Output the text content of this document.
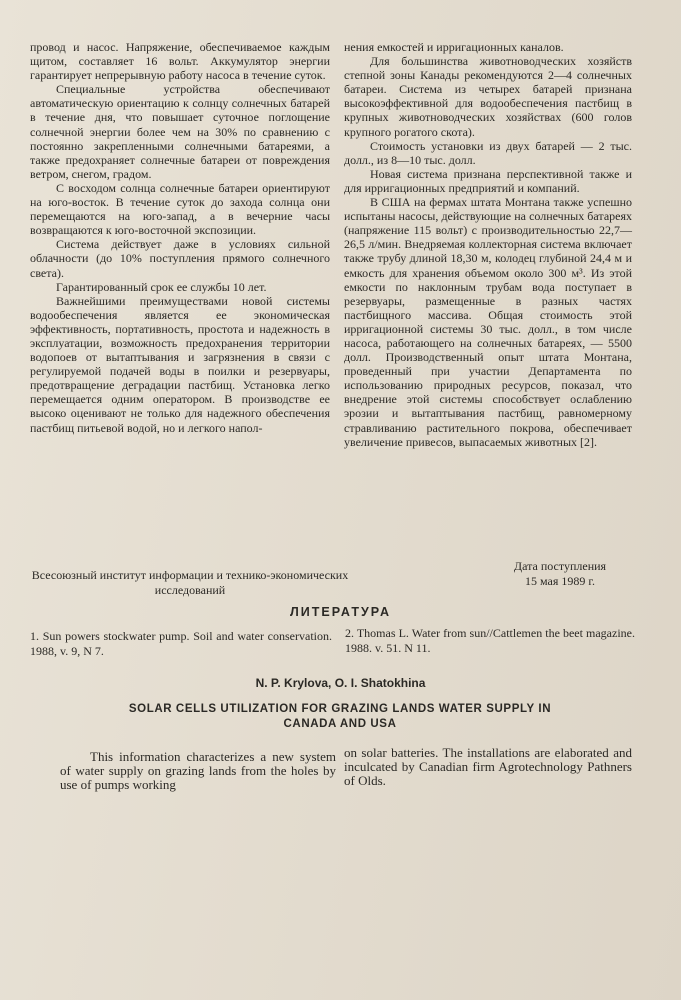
провод и насос. Напряжение, обеспечиваемое каждым щитом, составляет 16 вольт. Аккумулятор энергии гарантирует непрерывную работу насоса в течение суток.

Специальные устройства обеспечивают автоматическую ориентацию к солнцу солнечных батарей в течение дня, что повышает суточное поглощение солнечной энергии более чем на 30% по сравнению с постоянно закрепленными солнечными батареями, а также предохраняет солнечные батареи от повреждения ветром, снегом, градом.

С восходом солнца солнечные батареи ориентируют на юго-восток. В течение суток до захода солнца они перемещаются на юго-запад, а в вечерние часы возвращаются к юго-восточной экспозиции.

Система действует даже в условиях сильной облачности (до 10% поступления прямого солнечного света).

Гарантированный срок ее службы 10 лет.

Важнейшими преимуществами новой системы водообеспечения является ее экономическая эффективность, портативность, простота и надежность в эксплуатации, возможность предохранения территории водопоев от вытаптывания и загрязнения в связи с регулируемой подачей воды в поилки и резервуары, предотвращение деградации пастбищ. Установка легко перемещается одним оператором. В производстве ее высоко оценивают не только для надежного обеспечения пастбищ питьевой водой, но и легкого напол-

нения емкостей и ирригационных каналов.

Для большинства животноводческих хозяйств степной зоны Канады рекомендуются 2—4 солнечных батареи. Система из четырех батарей признана высокоэффективной для водообеспечения пастбищ в крупных животноводческих хозяйствах (600 голов крупного рогатого скота).

Стоимость установки из двух батарей — 2 тыс. долл., из 8—10 тыс. долл.

Новая система признана перспективной также и для ирригационных предприятий и компаний.

В США на фермах штата Монтана также успешно испытаны насосы, действующие на солнечных батареях (напряжение 115 вольт) с производительностью 22,7—26,5 л/мин. Внедряемая коллекторная система включает также трубу длиной 18,30 м, колодец глубиной 24,4 м и емкость для хранения объемом около 300 м³. Из этой емкости по наклонным трубам вода поступает в резервуары, размещенные в разных частях пастбищного массива. Общая стоимость этой ирригационной системы 30 тыс. долл., в том числе насоса, работающего на солнечных батареях, — 5500 долл. Производственный опыт штата Монтана, проведенный при участии Департамента по использованию природных ресурсов, показал, что внедрение этой системы способствует ослаблению эрозии и вытаптывания пастбищ, равномерному стравливанию растительного покрова, обеспечивает увеличение привесов, выпасаемых животных [2].

Всесоюзный институт информации и технико-экономических исследований
Дата поступления
15 мая 1989 г.
ЛИТЕРАТУРА
1. Sun powers stockwater pump. Soil and water conservation. 1988, v. 9, N 7.
2. Thomas L. Water from sun//Cattlemen the beet magazine. 1988. v. 51. N 11.
N. P. Krylova, O. I. Shatokhina
SOLAR CELLS UTILIZATION FOR GRAZING LANDS WATER SUPPLY IN
CANADA AND USA
This information characterizes a new system of water supply on grazing lands from the holes by use of pumps working
on solar batteries. The installations are elaborated and inculcated by Canadian firm Agrotechnology Pathners of Olds.
